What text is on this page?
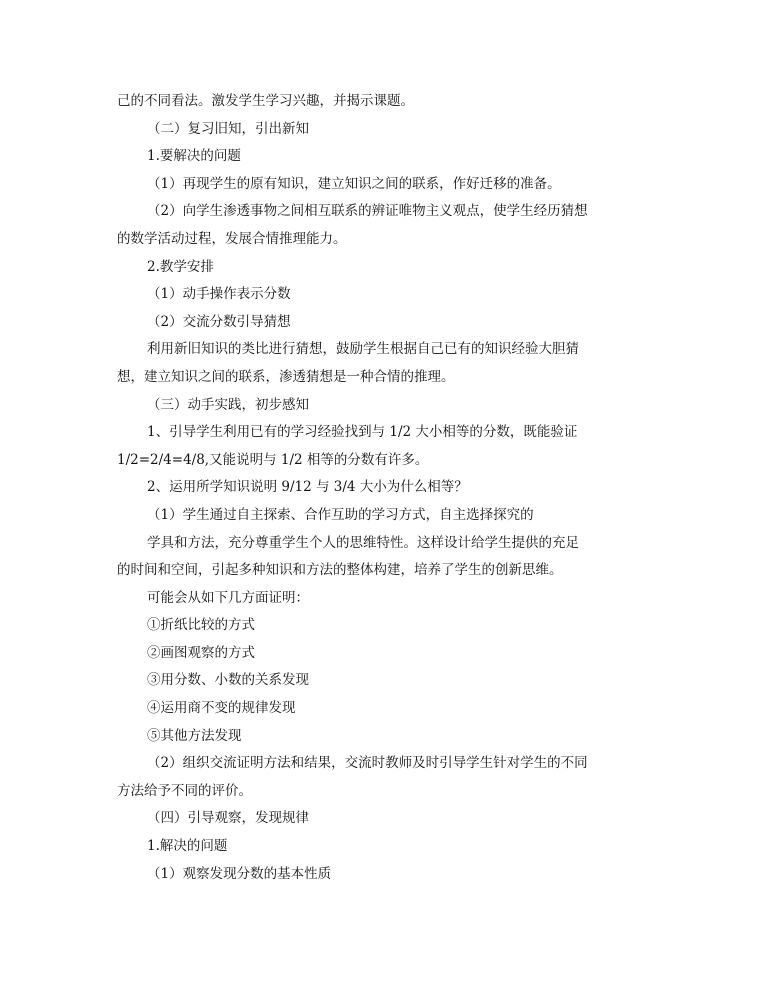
己的不同看法。激发学生学习兴趣，并揭示课题。

（二）复习旧知，引出新知

1.要解决的问题

（1）再现学生的原有知识，建立知识之间的联系，作好迁移的准备。

（2）向学生渗透事物之间相互联系的辨证唯物主义观点，使学生经历猜想

的数学活动过程，发展合情推理能力。

2.教学安排

（1）动手操作表示分数

（2）交流分数引导猜想

利用新旧知识的类比进行猜想，鼓励学生根据自己已有的知识经验大胆猜

想，建立知识之间的联系，渗透猜想是一种合情的推理。

（三）动手实践，初步感知

1、引导学生利用已有的学习经验找到与 1/2 大小相等的分数，既能验证

1/2=2/4=4/8,又能说明与 1/2 相等的分数有许多。

2、运用所学知识说明 9/12 与 3/4 大小为什么相等？

（1）学生通过自主探索、合作互助的学习方式，自主选择探究的

学具和方法，充分尊重学生个人的思维特性。这样设计给学生提供的充足

的时间和空间，引起多种知识和方法的整体构建，培养了学生的创新思维。

可能会从如下几方面证明：

①折纸比较的方式

②画图观察的方式

③用分数、小数的关系发现

④运用商不变的规律发现

⑤其他方法发现

（2）组织交流证明方法和结果，交流时教师及时引导学生针对学生的不同

方法给予不同的评价。

（四）引导观察，发现规律

1.解决的问题

（1）观察发现分数的基本性质
